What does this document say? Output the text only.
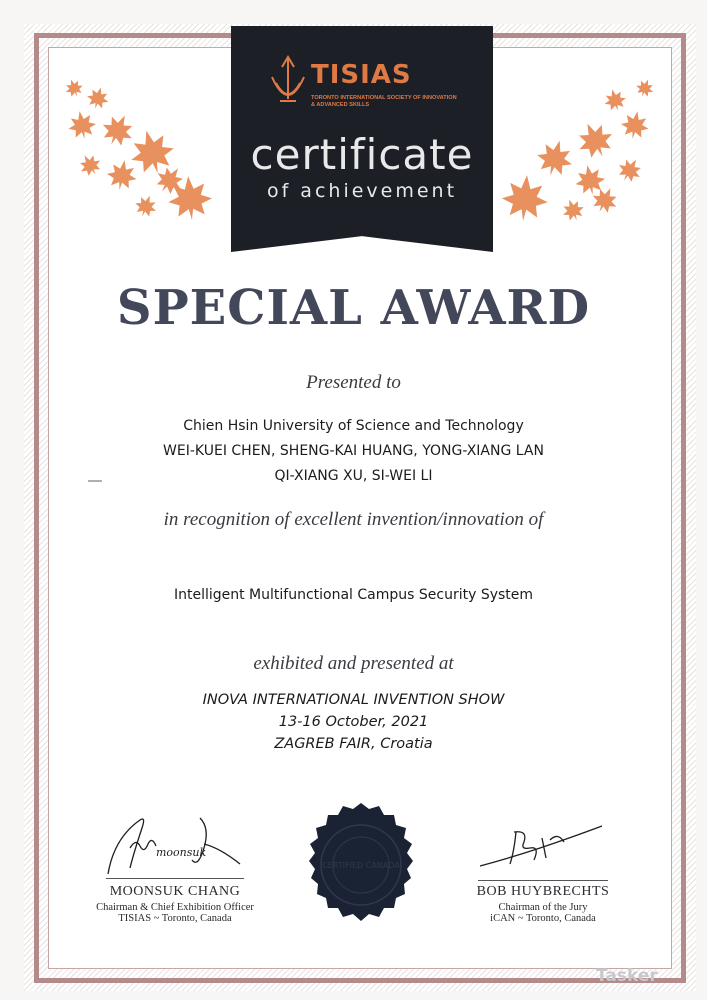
TISIAS
TORONTO INTERNATIONAL SOCIETY OF INNOVATION & ADVANCED SKILLS
certificate
of achievement
SPECIAL AWARD
Presented to
Chien Hsin University of Science and Technology
WEI-KUEI CHEN, SHENG-KAI HUANG, YONG-XIANG LAN
QI-XIANG XU, SI-WEI LI
in recognition of excellent invention/innovation of
Intelligent Multifunctional Campus Security System
exhibited and presented at
INOVA INTERNATIONAL INVENTION SHOW
13-16 October, 2021
ZAGREB FAIR, Croatia
moonsuk
MOONSUK CHANG
Chairman & Chief Exhibition Officer
TISIAS ~ Toronto, Canada
CERTIFIED CANADA
BOB HUYBRECHTS
Chairman of the Jury
iCAN ~ Toronto, Canada
Tasker
